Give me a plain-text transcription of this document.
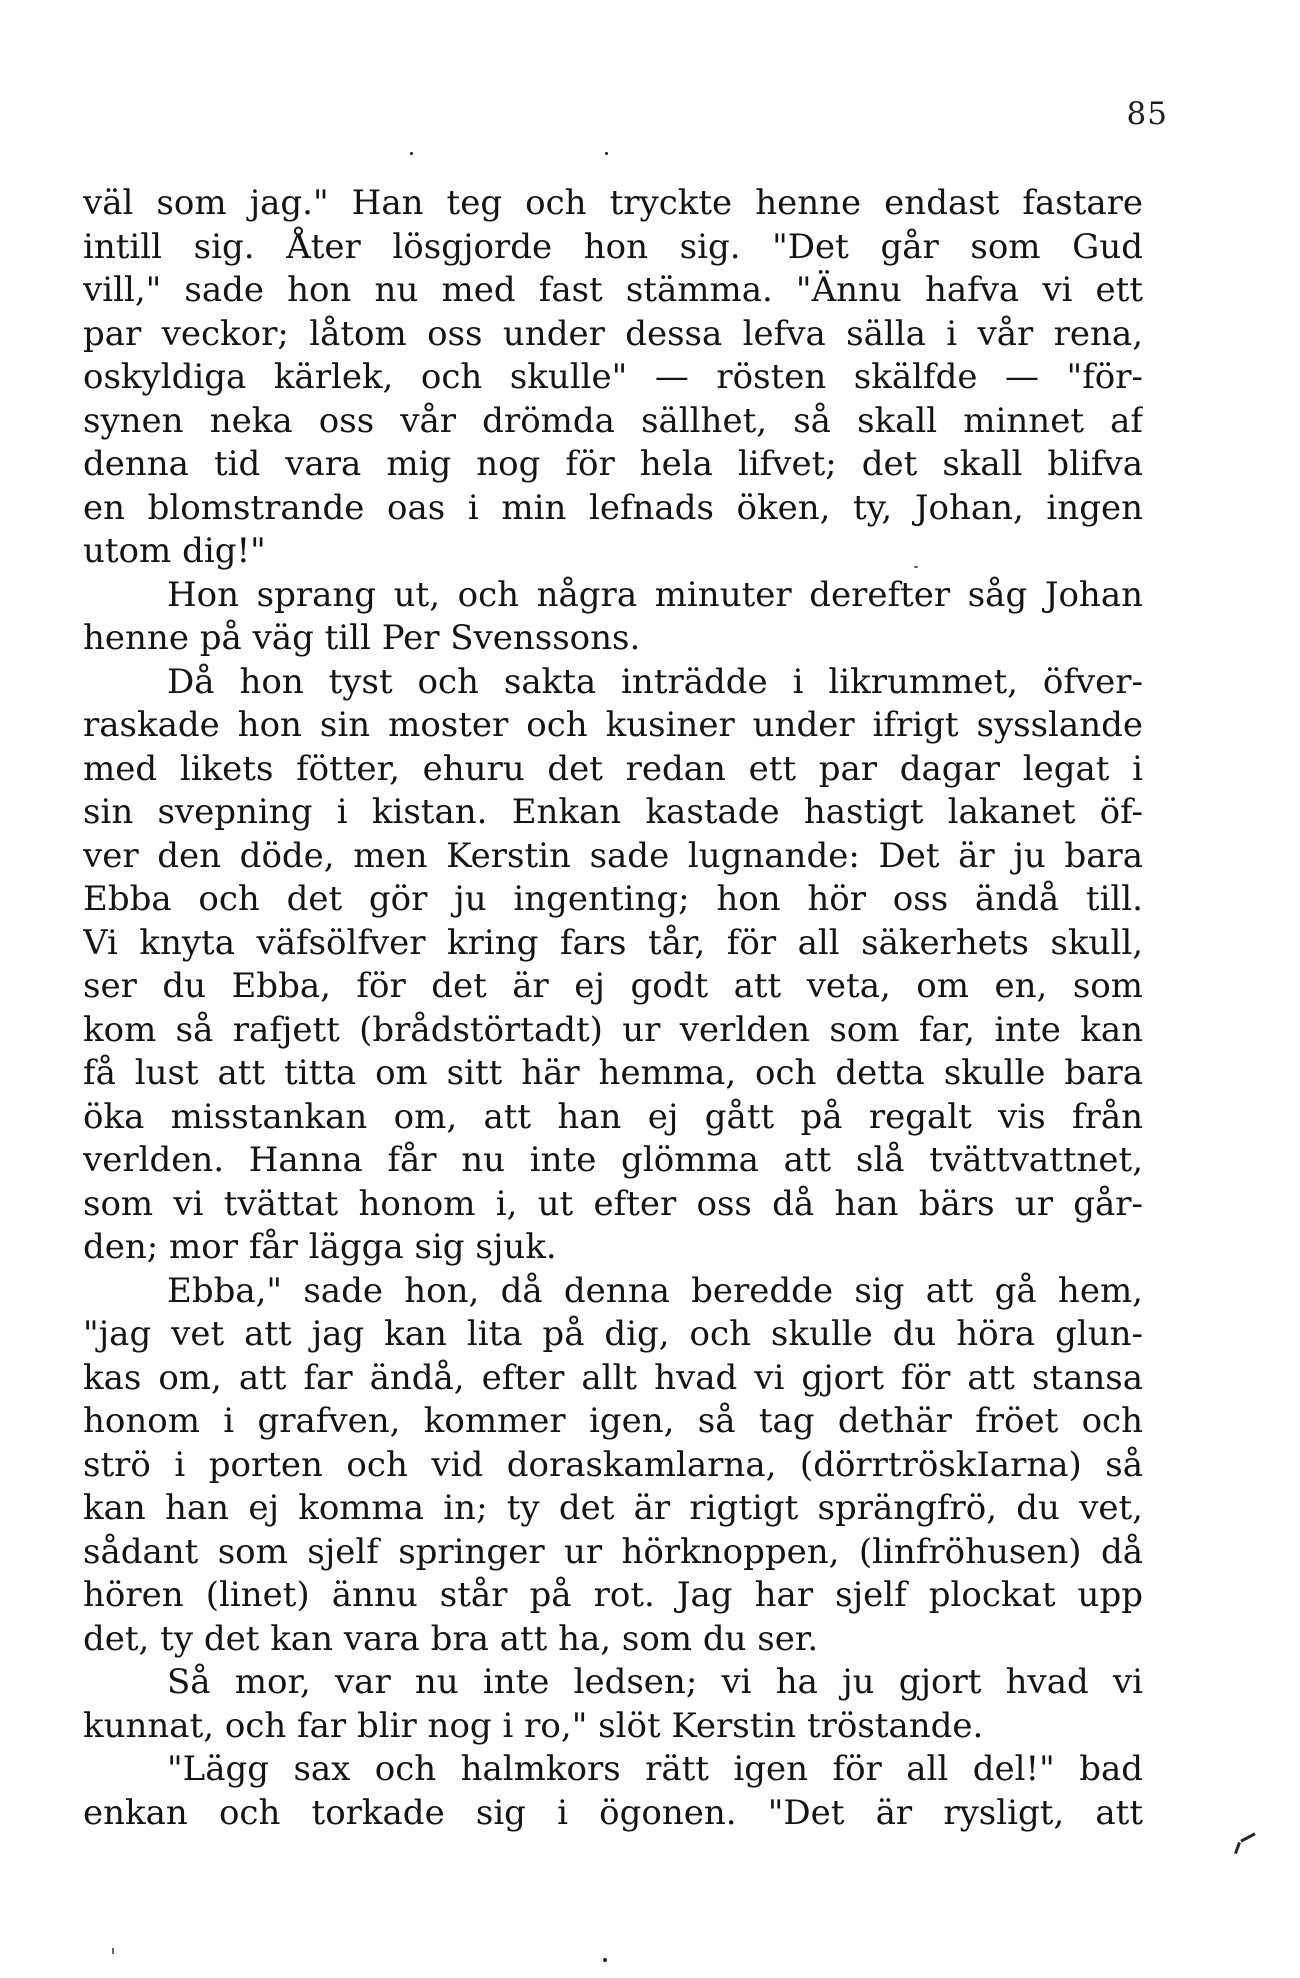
85
väl som jag." Han teg och tryckte henne endast fastare
intill sig. Åter lösgjorde hon sig. "Det går som Gud
vill," sade hon nu med fast stämma. "Ännu hafva vi ett
par veckor; låtom oss under dessa lefva sälla i vår rena,
oskyldiga kärlek, och skulle" — rösten skälfde — "för-
synen neka oss vår drömda sällhet, så skall minnet af
denna tid vara mig nog för hela lifvet; det skall blifva
en blomstrande oas i min lefnads öken, ty, Johan, ingen
utom dig!"
Hon sprang ut, och några minuter derefter såg Johan
henne på väg till Per Svenssons.
Då hon tyst och sakta inträdde i likrummet, öfver-
raskade hon sin moster och kusiner under ifrigt sysslande
med likets fötter, ehuru det redan ett par dagar legat i
sin svepning i kistan. Enkan kastade hastigt lakanet öf-
ver den döde, men Kerstin sade lugnande: Det är ju bara
Ebba och det gör ju ingenting; hon hör oss ändå till.
Vi knyta väfsölfver kring fars tår, för all säkerhets skull,
ser du Ebba, för det är ej godt att veta, om en, som
kom så rafjett (brådstörtadt) ur verlden som far, inte kan
få lust att titta om sitt här hemma, och detta skulle bara
öka misstankan om, att han ej gått på regalt vis från
verlden. Hanna får nu inte glömma att slå tvättvattnet,
som vi tvättat honom i, ut efter oss då han bärs ur går-
den; mor får lägga sig sjuk.
Ebba," sade hon, då denna beredde sig att gå hem,
"jag vet att jag kan lita på dig, och skulle du höra glun-
kas om, att far ändå, efter allt hvad vi gjort för att stansa
honom i grafven, kommer igen, så tag dethär fröet och
strö i porten och vid doraskamlarna, (dörrtröskIarna) så
kan han ej komma in; ty det är rigtigt sprängfrö, du vet,
sådant som sjelf springer ur hörknoppen, (linfröhusen) då
hören (linet) ännu står på rot. Jag har sjelf plockat upp
det, ty det kan vara bra att ha, som du ser.
Så mor, var nu inte ledsen; vi ha ju gjort hvad vi
kunnat, och far blir nog i ro," slöt Kerstin tröstande.
"Lägg sax och halmkors rätt igen för all del!" bad
enkan och torkade sig i ögonen. "Det är rysligt, att
